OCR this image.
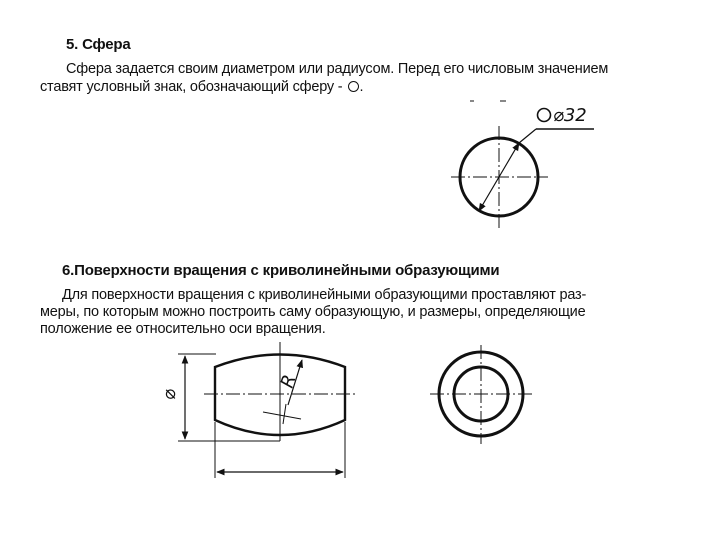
5. Сфера
Сфера задается своим диаметром или радиусом. Перед его числовым значением
ставят условный знак, обозначающий сферу - .
6.Поверхности вращения с криволинейными образующими
Для поверхности вращения с криволинейными образующими проставляют раз-
меры, по которым можно построить саму образующую, и размеры, определяющие
положение ее относительно оси вращения.
⌀32
⌀
R
